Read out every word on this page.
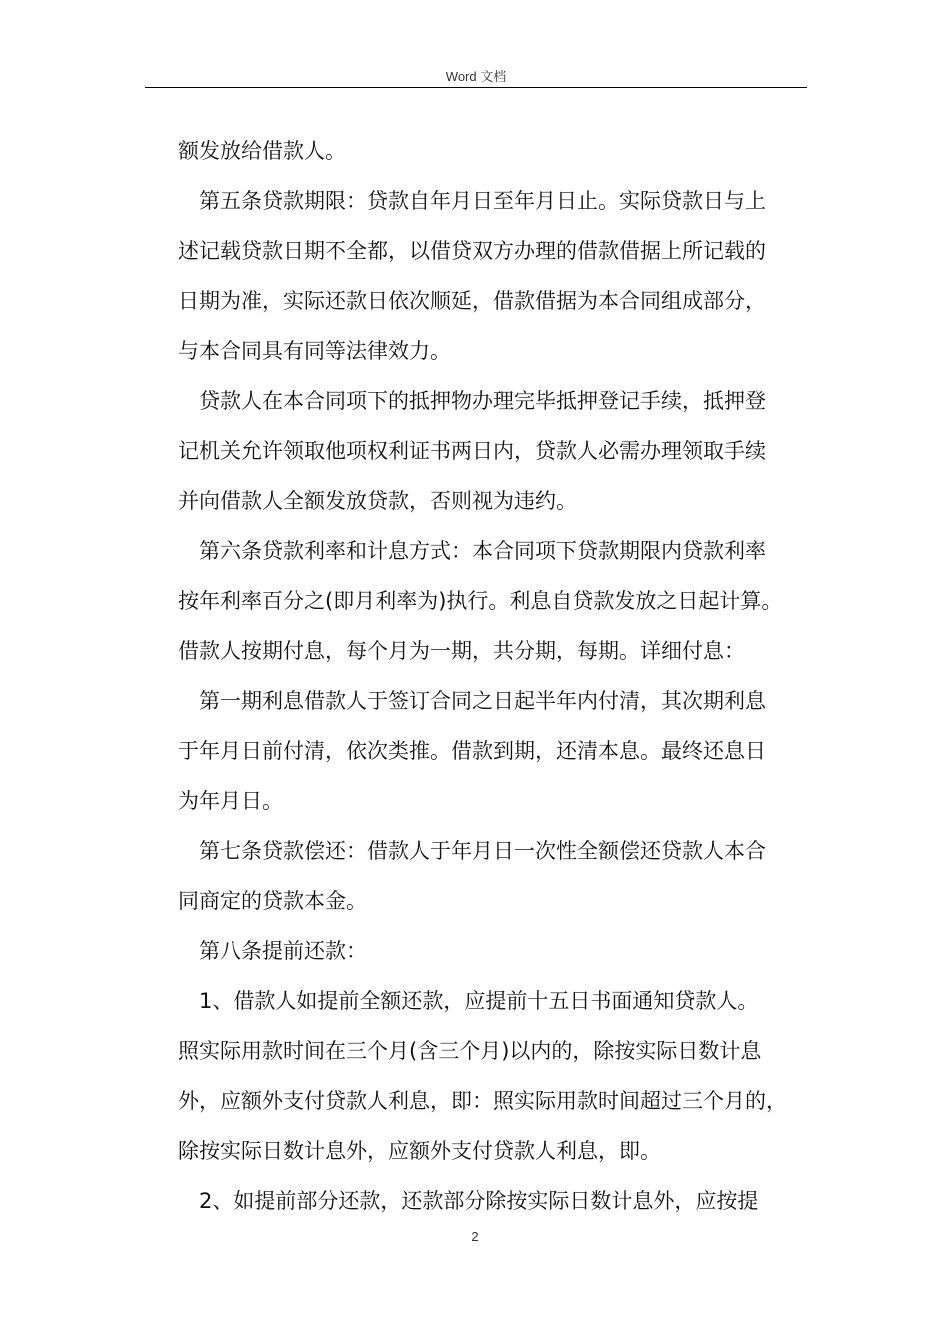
Word 文档
额发放给借款人。
第五条贷款期限：贷款自年月日至年月日止。实际贷款日与上
述记载贷款日期不全都，以借贷双方办理的借款借据上所记载的
日期为准，实际还款日依次顺延，借款借据为本合同组成部分，
与本合同具有同等法律效力。
贷款人在本合同项下的抵押物办理完毕抵押登记手续，抵押登
记机关允许领取他项权利证书两日内，贷款人必需办理领取手续
并向借款人全额发放贷款，否则视为违约。
第六条贷款利率和计息方式：本合同项下贷款期限内贷款利率
按年利率百分之(即月利率为)执行。利息自贷款发放之日起计算。
借款人按期付息，每个月为一期，共分期，每期。详细付息：
第一期利息借款人于签订合同之日起半年内付清，其次期利息
于年月日前付清，依次类推。借款到期，还清本息。最终还息日
为年月日。
第七条贷款偿还：借款人于年月日一次性全额偿还贷款人本合
同商定的贷款本金。
第八条提前还款：
1、借款人如提前全额还款，应提前十五日书面通知贷款人。
照实际用款时间在三个月(含三个月)以内的，除按实际日数计息
外，应额外支付贷款人利息，即：照实际用款时间超过三个月的，
除按实际日数计息外，应额外支付贷款人利息，即。
2、如提前部分还款，还款部分除按实际日数计息外，应按提
2
